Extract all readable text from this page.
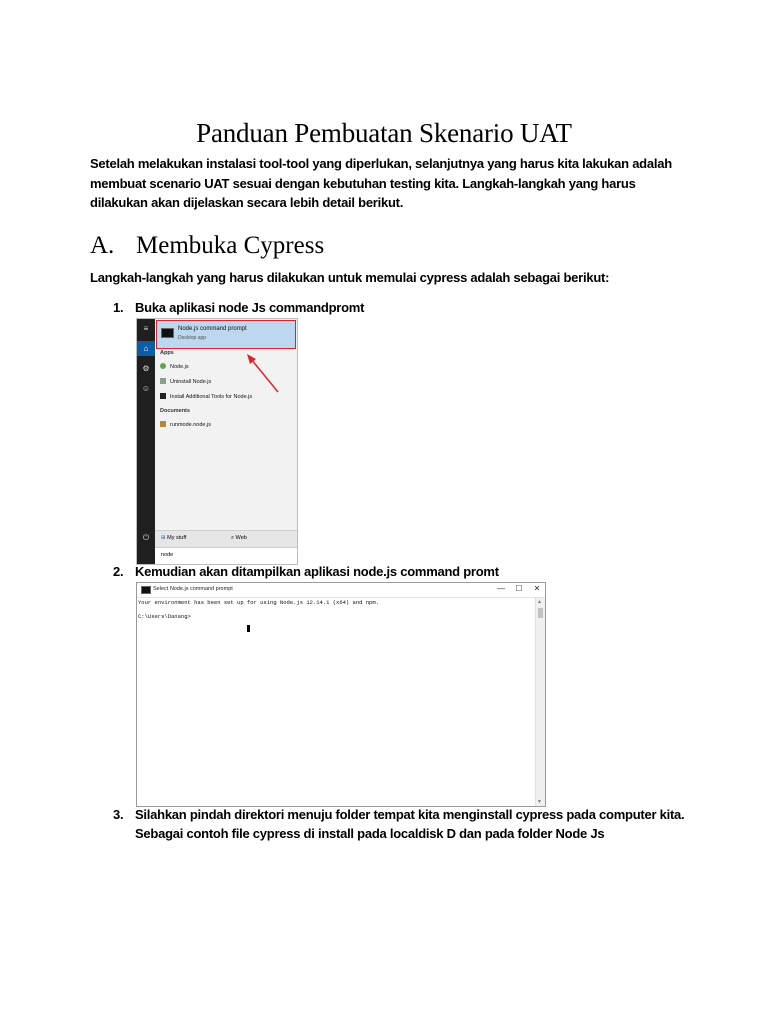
Panduan Pembuatan Skenario UAT
Setelah melakukan instalasi tool-tool yang diperlukan, selanjutnya yang harus kita lakukan adalah membuat scenario UAT sesuai dengan kebutuhan testing kita. Langkah-langkah yang harus dilakukan akan dijelaskan secara lebih detail berikut.
A. Membuka Cypress
Langkah-langkah yang harus dilakukan untuk memulai cypress adalah sebagai berikut:
1. Buka aplikasi node Js commandpromt
≡
⌂
⚙
☺
⏻
Node.js command prompt
Desktop app
Apps
Node.js
Uninstall Node.js
Install Additional Tools for Node.js
Documents
runmode.node.js
⊞ My stuff	⌕ Web
node
2. Kemudian akan ditampilkan aplikasi node.js command promt
Select Node.js command prompt	—	☐	✕
Your environment has been set up for using Node.js 12.14.1 (x64) and npm.
C:\Users\Danang>
▲
▼
3. Silahkan pindah direktori menuju folder tempat kita menginstall cypress pada computer kita.
Sebagai contoh file cypress di install pada localdisk D dan pada folder Node Js
